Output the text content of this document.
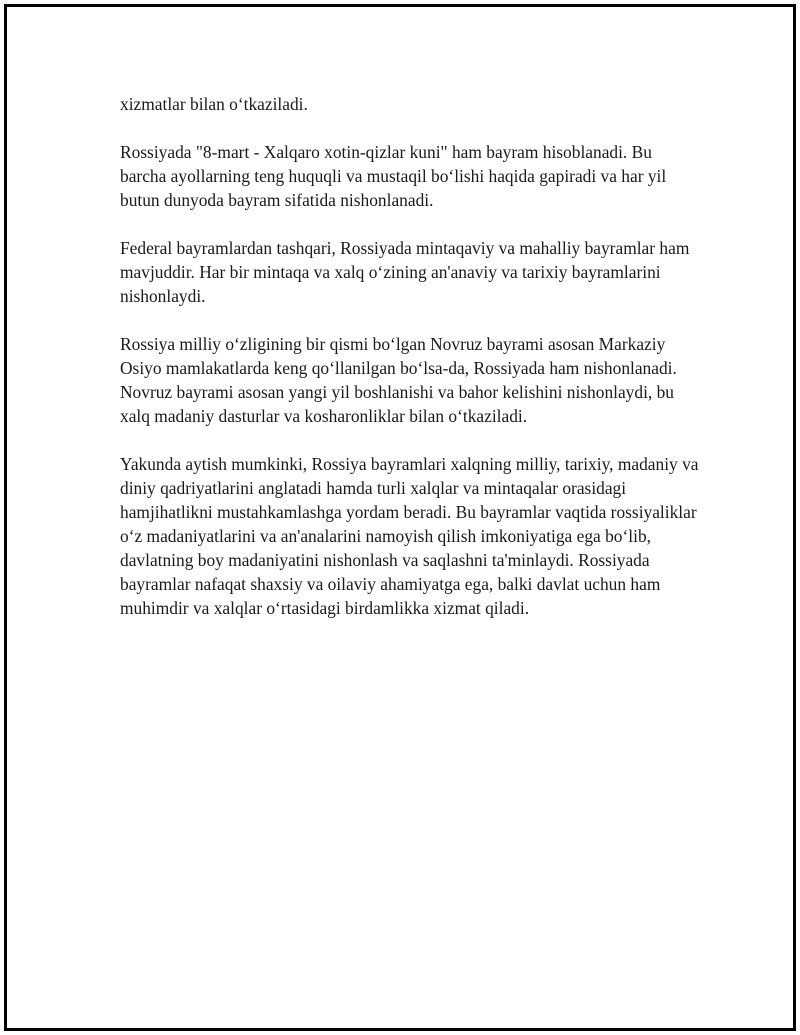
xizmatlar bilan o‘tkaziladi.

Rossiyada "8-mart - Xalqaro xotin-qizlar kuni" ham bayram hisoblanadi. Bu barcha ayollarning teng huquqli va mustaqil bo‘lishi haqida gapiradi va har yil butun dunyoda bayram sifatida nishonlanadi.

Federal bayramlardan tashqari, Rossiyada mintaqaviy va mahalliy bayramlar ham mavjuddir. Har bir mintaqa va xalq o‘zining an'anaviy va tarixiy bayramlarini nishonlaydi.

Rossiya milliy o‘zligining bir qismi bo‘lgan Novruz bayrami asosan Markaziy Osiyo mamlakatlarda keng qo‘llanilgan bo‘lsa-da, Rossiyada ham nishonlanadi. Novruz bayrami asosan yangi yil boshlanishi va bahor kelishini nishonlaydi, bu xalq madaniy dasturlar va kosharonliklar bilan o‘tkaziladi.

Yakunda aytish mumkinki, Rossiya bayramlari xalqning milliy, tarixiy, madaniy va diniy qadriyatlarini anglatadi hamda turli xalqlar va mintaqalar orasidagi hamjihatlikni mustahkamlashga yordam beradi. Bu bayramlar vaqtida rossiyaliklar o‘z madaniyatlarini va an'analarini namoyish qilish imkoniyatiga ega bo‘lib, davlatning boy madaniyatini nishonlash va saqlashni ta'minlaydi. Rossiyada bayramlar nafaqat shaxsiy va oilaviy ahamiyatga ega, balki davlat uchun ham muhimdir va xalqlar o‘rtasidagi birdamlikka xizmat qiladi.
